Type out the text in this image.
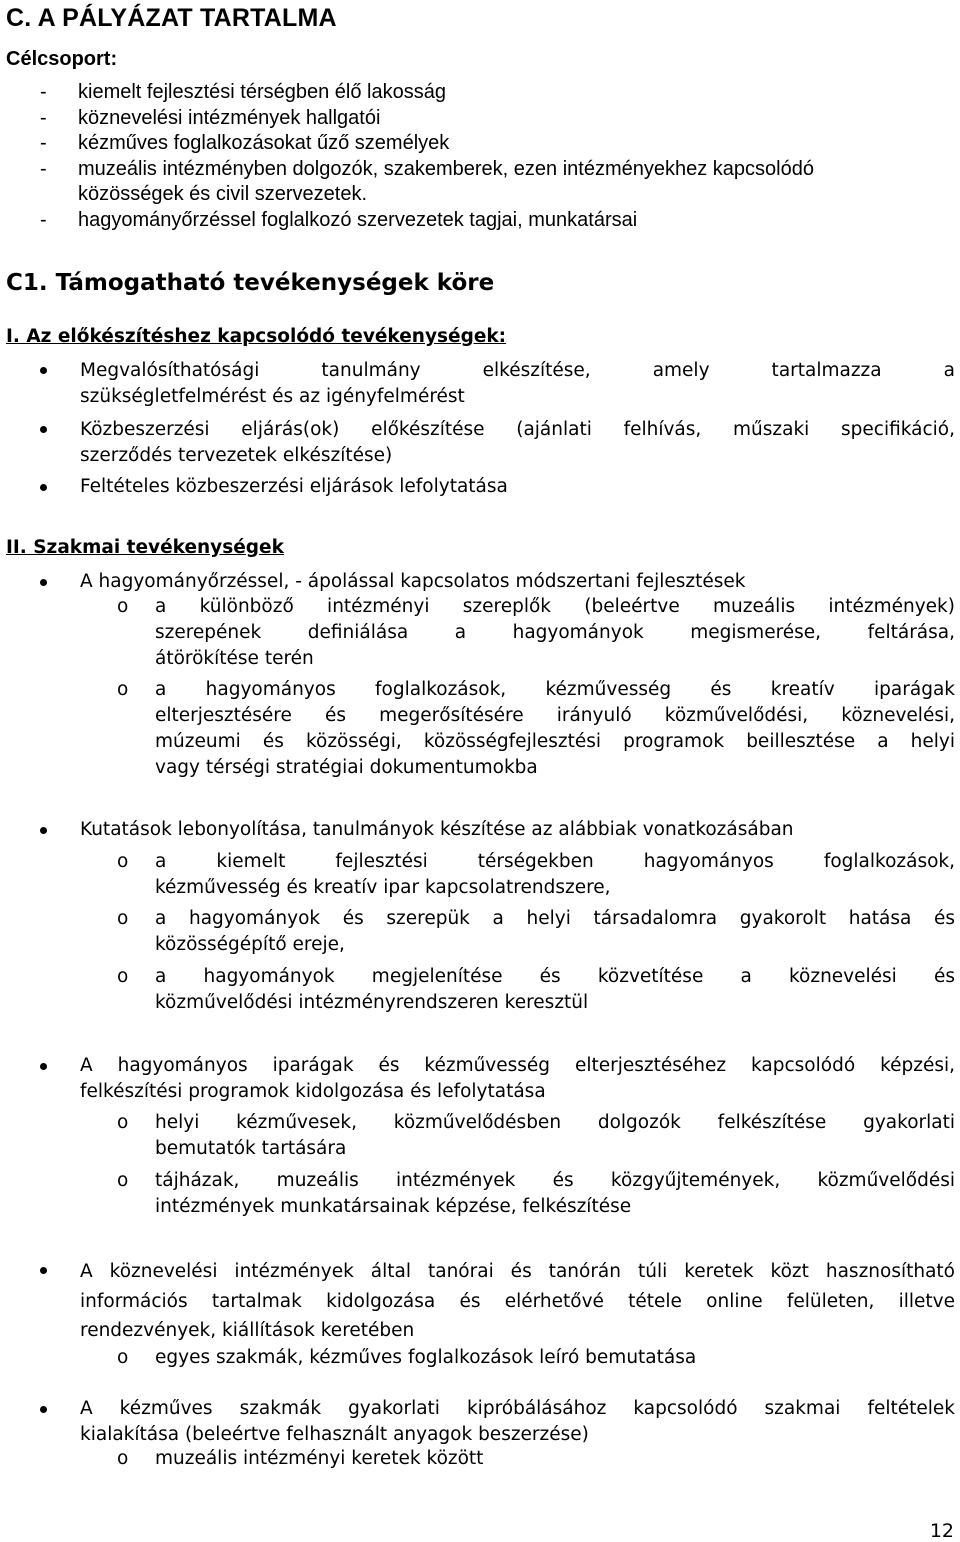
C. A PÁLYÁZAT TARTALMA
Célcsoport:
- kiemelt fejlesztési térségben élő lakosság
- köznevelési intézmények hallgatói
- kézműves foglalkozásokat űző személyek
- muzeális intézményben dolgozók, szakemberek, ezen intézményekhez kapcsolódó
közösségek és civil szervezetek.
- hagyományőrzéssel foglalkozó szervezetek tagjai, munkatársai
C1. Támogatható tevékenységek köre
I. Az előkészítéshez kapcsolódó tevékenységek:
Megvalósíthatósági tanulmány elkészítése, amely tartalmazza a
szükségletfelmérést és az igényfelmérést
Közbeszerzési eljárás(ok) előkészítése (ajánlati felhívás, műszaki specifikáció,
szerződés tervezetek elkészítése)
Feltételes közbeszerzési eljárások lefolytatása
II. Szakmai tevékenységek
A hagyományőrzéssel, - ápolással kapcsolatos módszertani fejlesztések
o a különböző intézményi szereplők (beleértve muzeális intézmények)
szerepének definiálása a hagyományok megismerése, feltárása,
átörökítése terén
o a hagyományos foglalkozások, kézművesség és kreatív iparágak
elterjesztésére és megerősítésére irányuló közművelődési, köznevelési,
múzeumi és közösségi, közösségfejlesztési programok beillesztése a helyi
vagy térségi stratégiai dokumentumokba
Kutatások lebonyolítása, tanulmányok készítése az alábbiak vonatkozásában
o a kiemelt fejlesztési térségekben hagyományos foglalkozások,
kézművesség és kreatív ipar kapcsolatrendszere,
o a hagyományok és szerepük a helyi társadalomra gyakorolt hatása és
közösségépítő ereje,
o a hagyományok megjelenítése és közvetítése a köznevelési és
közművelődési intézményrendszeren keresztül
A hagyományos iparágak és kézművesség elterjesztéséhez kapcsolódó képzési,
felkészítési programok kidolgozása és lefolytatása
o helyi kézművesek, közművelődésben dolgozók felkészítése gyakorlati
bemutatók tartására
o tájházak, muzeális intézmények és közgyűjtemények, közművelődési
intézmények munkatársainak képzése, felkészítése
A köznevelési intézmények által tanórai és tanórán túli keretek közt hasznosítható
információs tartalmak kidolgozása és elérhetővé tétele online felületen, illetve
rendezvények, kiállítások keretében
o egyes szakmák, kézműves foglalkozások leíró bemutatása
A kézműves szakmák gyakorlati kipróbálásához kapcsolódó szakmai feltételek
kialakítása (beleértve felhasznált anyagok beszerzése)
o muzeális intézményi keretek között
12
